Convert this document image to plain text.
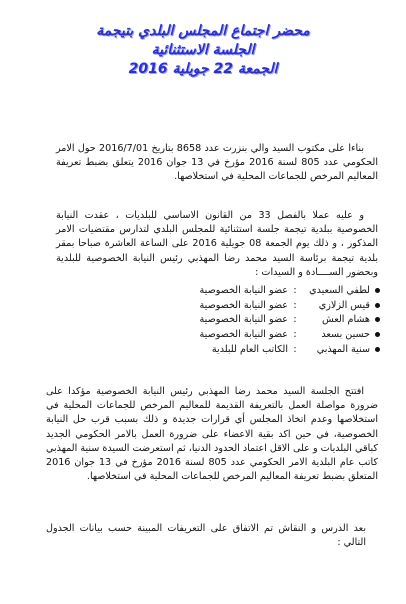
محضر اجتماع المجلس البلدي بتيجمة
الجلسة الاستثنائية
الجمعة 22 جويلية 2016
بناءا على مكتوب السيد والي بنزرت عدد 8658 بتاريخ 2016/7/01 حول الامر الحكومي عدد 805 لسنة 2016 مؤرخ في 13 جوان 2016 يتعلق بضبط تعريفة المعاليم المرخص للجماعات المحلية في استخلاصها.
و عليه عملا بالفصل 33 من القانون الاساسي للبلديات ، عقدت النيابة الخصوصية ببلدية تيجمة جلسة استثنائية للمجلس البلدي لتدارس مقتضيات الامر المذكور ، و ذلك يوم الجمعة 08 جويلية 2016 على الساعة العاشرة صباحا بمقر بلدية تيجمة برئاسة السيد محمد رضا المهذبي رئيس النيابة الخصوصية للبلدية وبحضور الســــادة و السيدات :
لطفي السعيدي
:
عضو النيابة الخصوصية
قيس الزلازي
:
عضو النيابة الخصوصية
هشام العش
:
عضو النيابة الخصوصية
حسين بسعد
:
عضو النيابة الخصوصية
سنية المهذبي
:
الكاتب العام للبلدية
افتتح الجلسة السيد محمد رضا المهذبي رئيس النيابة الخصوصية مؤكدا على ضرورة مواصلة العمل بالتعريفة القديمة للمعاليم المرخص للجماعات المحلية في استخلاصها وعدم اتخاذ المجلس أي قرارات جديدة و ذلك بسبب قرب حل النيابة الخصوصية، في حين اكد بقية الاعضاء على ضرورة العمل بالامر الحكومي الجديد كباقي البلديات و على الاقل اعتماد الحدود الدنيا، ثم استعرضت السيدة سنية المهذبي كاتب عام البلدية الامر الحكومي عدد 805 لسنة 2016 مؤرخ في 13 جوان 2016 المتعلق بضبط تعريفة المعاليم المرخص للجماعات المحلية في استخلاصها.
بعد الدرس و النقاش تم الاتفاق على التعريفات المبينة حسب بيانات الجدول التالي :
